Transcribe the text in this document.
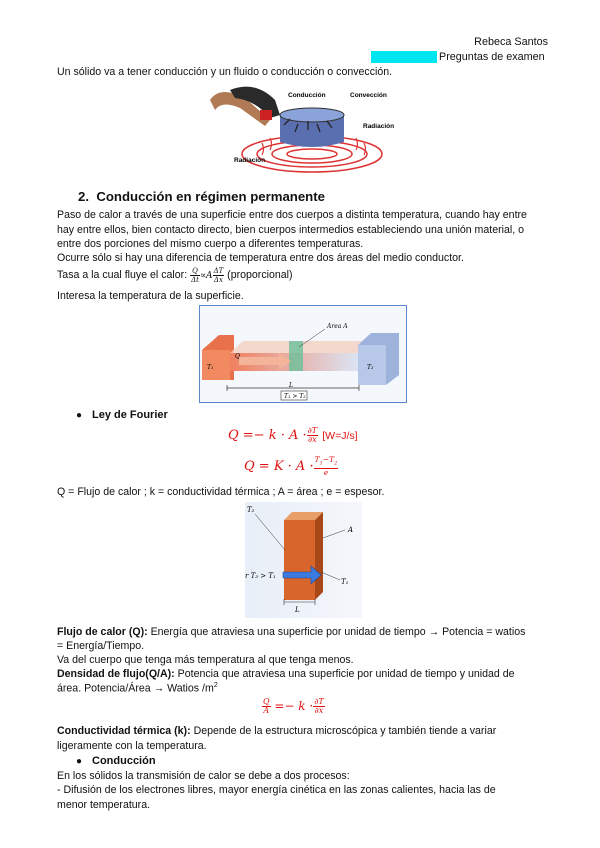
Rebeca Santos
Preguntas de examen
Un sólido va a tener conducción y un fluido o conducción o convección.
Conducción	Convección
Radiación
Radiación
2. Conducción en régimen permanente
Paso de calor a través de una superficie entre dos cuerpos a distinta temperatura, cuando hay entre
hay entre ellos, bien contacto directo, bien cuerpos intermedios estableciendo una unión material, o
entre dos porciones del mismo cuerpo a diferentes temperaturas.
Ocurre sólo si hay una diferencia de temperatura entre dos áreas del medio conductor.
Tasa a la cual fluye el calor: $\frac{Q}{\Delta t} \propto A \frac{\Delta T}{\Delta x}$ (proporcional)
Interesa la temperatura de la superficie.
Area A
T₁	T₂
Q
L
T₁ > T₂
● Ley de Fourier
$Q =- k \cdot A \cdot \frac{\partial T}{\partial x} [W=J/s]$
$Q = K \cdot A \cdot \frac{T_1-T_2}{e}$
Q = Flujo de calor ; k = conductividad térmica ; A = área ; e = espesor.
T₂
A
r T₃ > T₁
T₁
L
Flujo de calor (Q): Energía que atraviesa una superficie por unidad de tiempo → Potencia = watios
= Energía/Tiempo.
Va del cuerpo que tenga más temperatura al que tenga menos.
Densidad de flujo(Q/A): Potencia que atraviesa una superficie por unidad de tiempo y unidad de
área. Potencia/Área → Watios $/m^2$
$\frac{Q}{A} =- k \cdot \frac{\partial T}{\partial x}$
Conductividad térmica (k): Depende de la estructura microscópica y también tiende a variar
ligeramente con la temperatura.
● Conducción
En los sólidos la transmisión de calor se debe a dos procesos:
- Difusión de los electrones libres, mayor energía cinética en las zonas calientes, hacia las de
menor temperatura.
